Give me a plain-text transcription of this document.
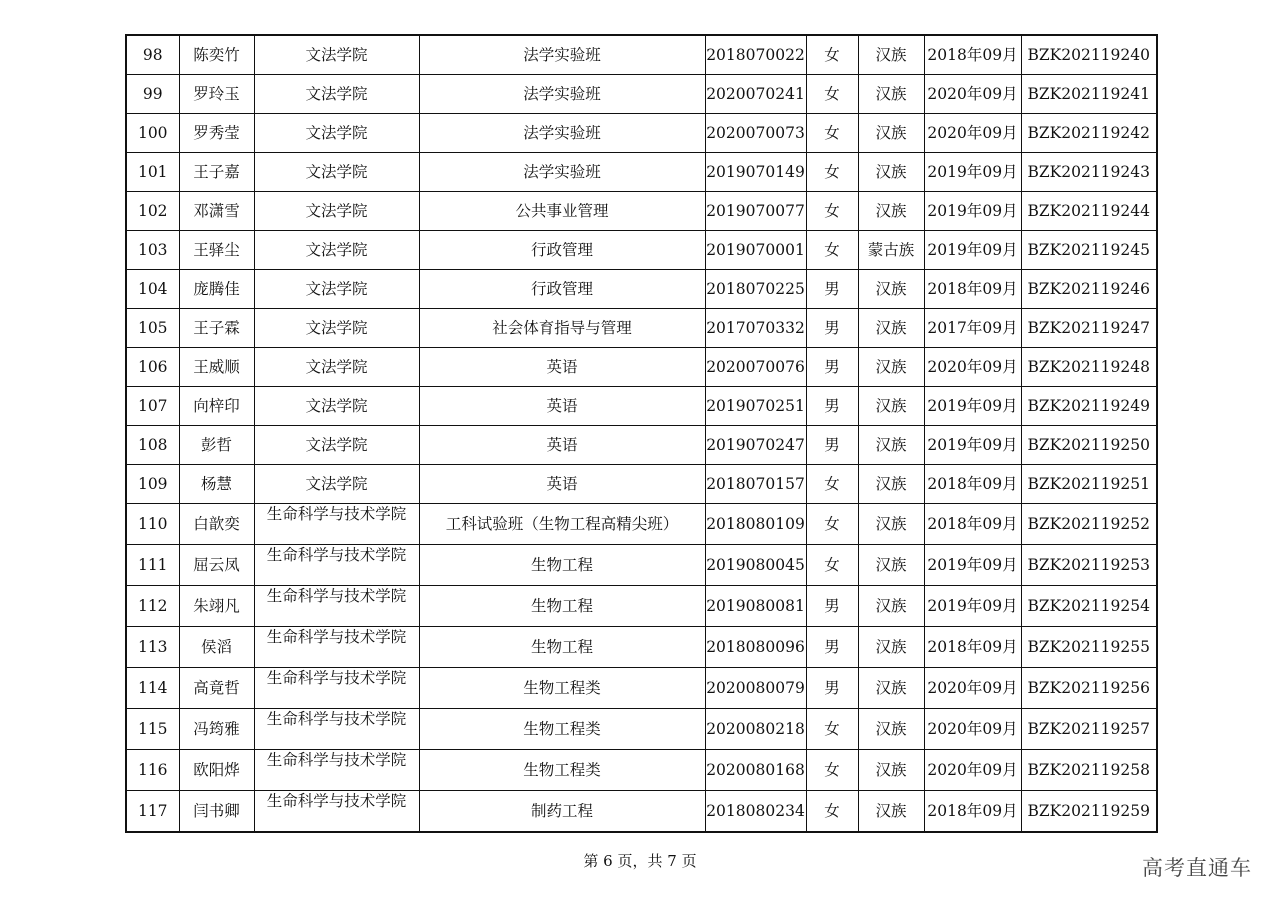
98	陈奕竹	文法学院	法学实验班	2018070022	女	汉族	2018年09月	BZK202119240
99	罗玲玉	文法学院	法学实验班	2020070241	女	汉族	2020年09月	BZK202119241
100	罗秀莹	文法学院	法学实验班	2020070073	女	汉族	2020年09月	BZK202119242
101	王子嘉	文法学院	法学实验班	2019070149	女	汉族	2019年09月	BZK202119243
102	邓潇雪	文法学院	公共事业管理	2019070077	女	汉族	2019年09月	BZK202119244
103	王驿尘	文法学院	行政管理	2019070001	女	蒙古族	2019年09月	BZK202119245
104	庞腾佳	文法学院	行政管理	2018070225	男	汉族	2018年09月	BZK202119246
105	王子霖	文法学院	社会体育指导与管理	2017070332	男	汉族	2017年09月	BZK202119247
106	王威顺	文法学院	英语	2020070076	男	汉族	2020年09月	BZK202119248
107	向梓印	文法学院	英语	2019070251	男	汉族	2019年09月	BZK202119249
108	彭哲	文法学院	英语	2019070247	男	汉族	2019年09月	BZK202119250
109	杨慧	文法学院	英语	2018070157	女	汉族	2018年09月	BZK202119251
110	白歆奕	生命科学与技术学院	工科试验班（生物工程高精尖班）	2018080109	女	汉族	2018年09月	BZK202119252
111	屈云凤	生命科学与技术学院	生物工程	2019080045	女	汉族	2019年09月	BZK202119253
112	朱翊凡	生命科学与技术学院	生物工程	2019080081	男	汉族	2019年09月	BZK202119254
113	侯滔	生命科学与技术学院	生物工程	2018080096	男	汉族	2018年09月	BZK202119255
114	高竟哲	生命科学与技术学院	生物工程类	2020080079	男	汉族	2020年09月	BZK202119256
115	冯筠雅	生命科学与技术学院	生物工程类	2020080218	女	汉族	2020年09月	BZK202119257
116	欧阳烨	生命科学与技术学院	生物工程类	2020080168	女	汉族	2020年09月	BZK202119258
117	闫书卿	生命科学与技术学院	制药工程	2018080234	女	汉族	2018年09月	BZK202119259
第 6 页，共 7 页	高考直通车
